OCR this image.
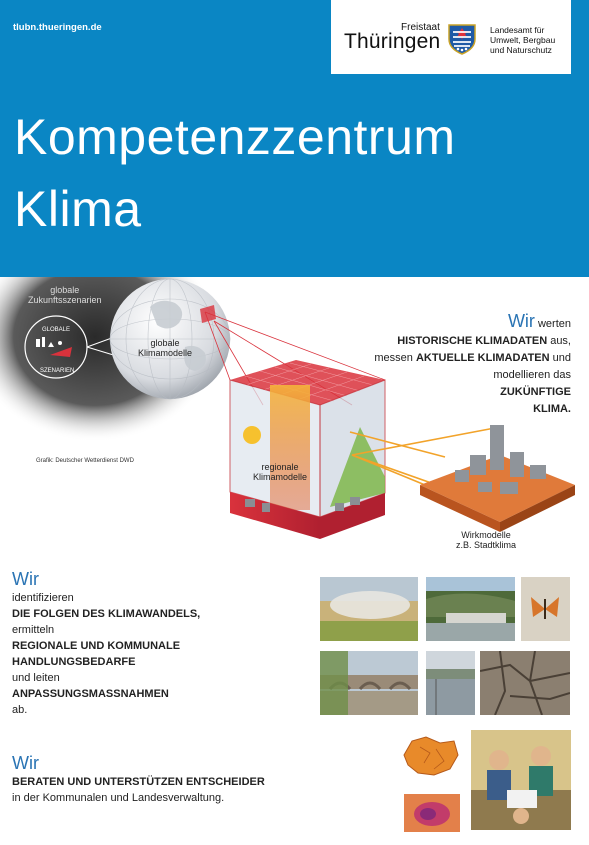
tlubn.thueringen.de	Freistaat
Thüringen	Landesamt für
Umwelt, Bergbau
und Naturschutz
Kompetenzzentrum
Klima
globale
Zukunftsszenarien
GLOBALE
SZENARIEN
globale
Klimamodelle
regionale
Klimamodelle
Wirkmodelle
z.B. Stadtklima
Grafik: Deutscher Wetterdienst DWD
Wir werten
HISTORISCHE KLIMADATEN aus,
messen AKTUELLE KLIMADATEN und
modellieren das
ZUKÜNFTIGE
KLIMA.
Wir
identifizieren
DIE FOLGEN DES KLIMAWANDELS,
ermitteln
REGIONALE UND KOMMUNALE
HANDLUNGSBEDARFE
und leiten
ANPASSUNGSMASSNAHMEN
ab.
Wir
BERATEN UND UNTERSTÜTZEN ENTSCHEIDER
in der Kommunalen und Landesverwaltung.
